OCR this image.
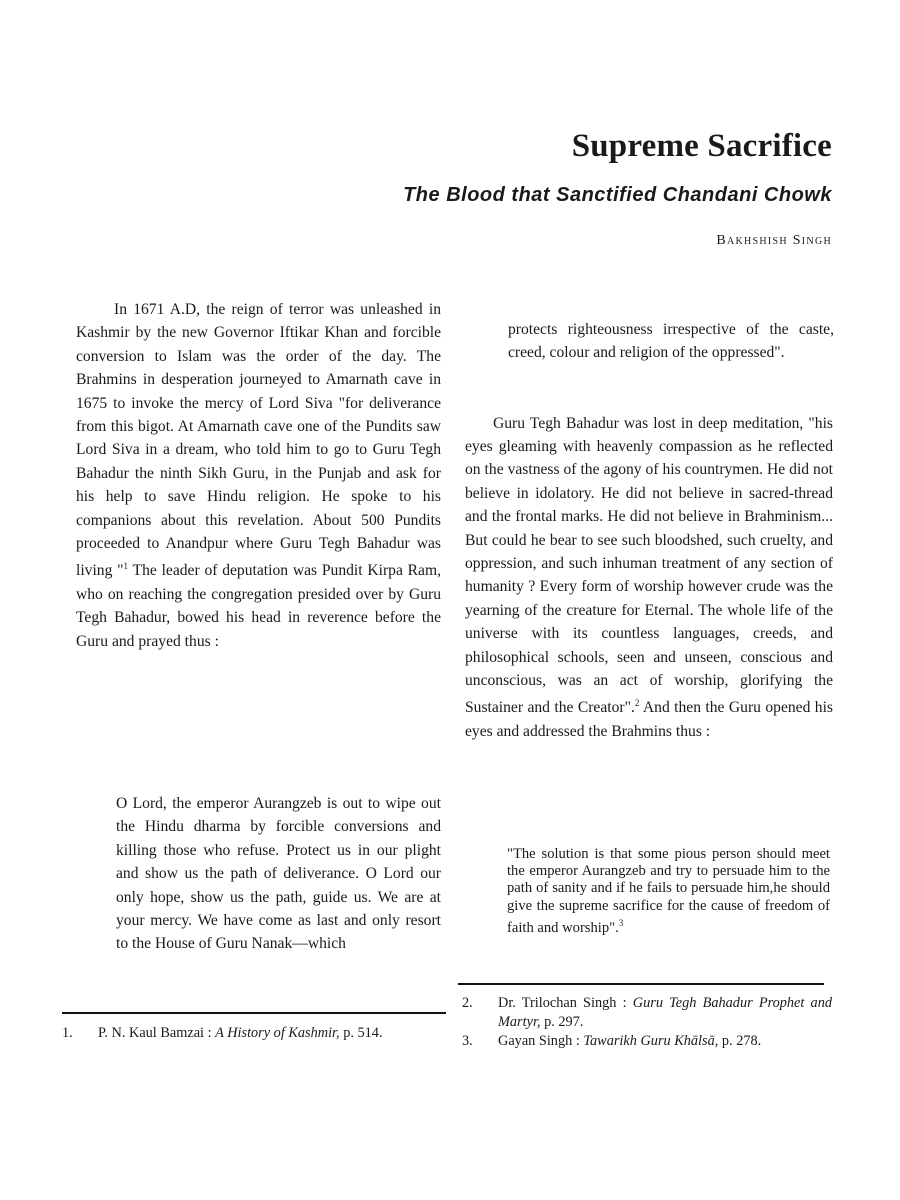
Supreme Sacrifice
The Blood that Sanctified Chandani Chowk

Bakhshish Singh

In 1671 A.D, the reign of terror was unleashed in Kashmir by the new Governor Iftikar Khan and forcible conversion to Islam was the order of the day. The Brahmins in desperation journeyed to Amarnath cave in 1675 to invoke the mercy of Lord Siva "for deliverance from this bigot. At Amarnath cave one of the Pundits saw Lord Siva in a dream, who told him to go to Guru Tegh Bahadur the ninth Sikh Guru, in the Punjab and ask for his help to save Hindu religion. He spoke to his companions about this revelation. About 500 Pundits proceeded to Anandpur where Guru Tegh Bahadur was living "$^1$ The leader of deputation was Pundit Kirpa Ram, who on reaching the congregation presided over by Guru Tegh Bahadur, bowed his head in reverence before the Guru and prayed thus :

O Lord, the emperor Aurangzeb is out to wipe out the Hindu dharma by forcible conversions and killing those who refuse. Protect us in our plight and show us the path of deliverance. O Lord our only hope, show us the path, guide us. We are at your mercy. We have come as last and only resort to the House of Guru Nanak—which

1.	P. N. Kaul Bamzai : A History of Kashmir, p. 514.

protects righteousness irrespective of the caste, creed, colour and religion of the oppressed".

Guru Tegh Bahadur was lost in deep meditation, "his eyes gleaming with heavenly compassion as he reflected on the vastness of the agony of his countrymen. He did not believe in idolatory. He did not believe in sacred-thread and the frontal marks. He did not believe in Brahminism... But could he bear to see such bloodshed, such cruelty, and oppression, and such inhuman treatment of any section of humanity ? Every form of worship however crude was the yearning of the creature for Eternal. The whole life of the universe with its countless languages, creeds, and philosophical schools, seen and unseen, conscious and unconscious, was an act of worship, glorifying the Sustainer and the Creator".$^2$ And then the Guru opened his eyes and addressed the Brahmins thus :

"The solution is that some pious person should meet the emperor Aurangzeb and try to persuade him to the path of sanity and if he fails to persuade him,he should give the supreme sacrifice for the cause of freedom of faith and worship".$^3$

2.	Dr. Trilochan Singh : Guru Tegh Bahadur Prophet and Martyr, p. 297.
3.	Gayan Singh : Tawarikh Guru Khālsā, p. 278.
